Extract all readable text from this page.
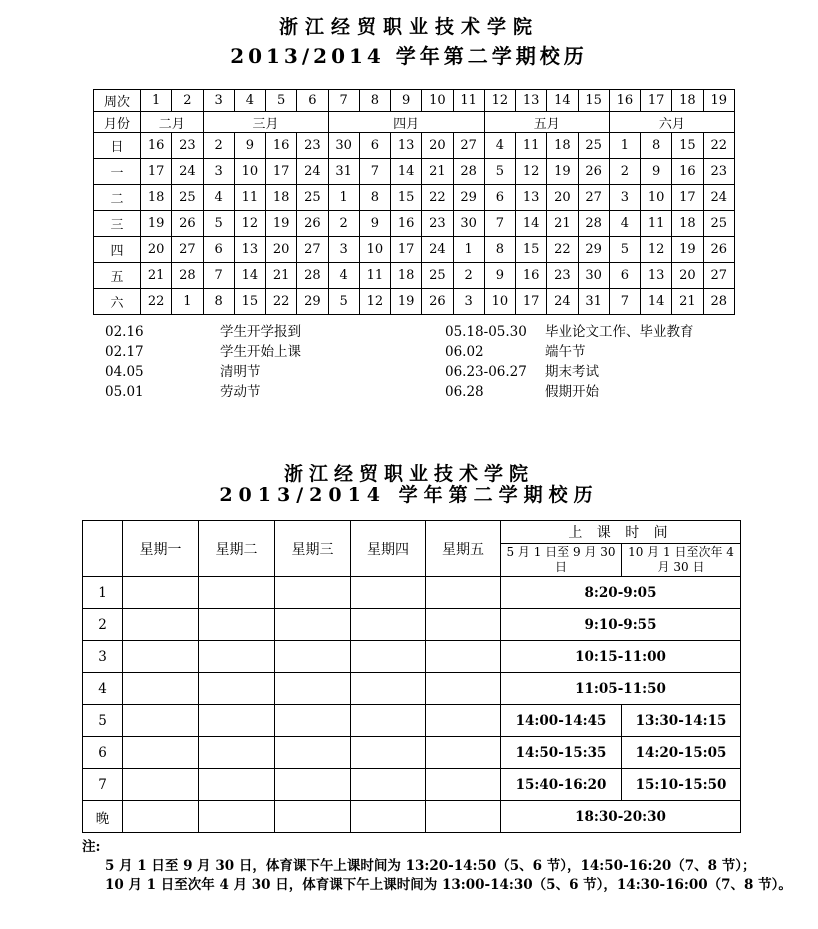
浙江经贸职业技术学院
2013/2014 学年第二学期校历
周次	1	2	3	4	5	6	7	8	9	10	11	12	13	14	15	16	17	18	19
月份	二月		三月				四月					五月				六月			
日	16	23	2	9	16	23	30	6	13	20	27	4	11	18	25	1	8	15	22
一	17	24	3	10	17	24	31	7	14	21	28	5	12	19	26	2	9	16	23
二	18	25	4	11	18	25	1	8	15	22	29	6	13	20	27	3	10	17	24
三	19	26	5	12	19	26	2	9	16	23	30	7	14	21	28	4	11	18	25
四	20	27	6	13	20	27	3	10	17	24	1	8	15	22	29	5	12	19	26
五	21	28	7	14	21	28	4	11	18	25	2	9	16	23	30	6	13	20	27
六	22	1	8	15	22	29	5	12	19	26	3	10	17	24	31	7	14	21	28
02.16	学生开学报到	05.18-05.30	毕业论文工作、毕业教育
02.17	学生开始上课	06.02	端午节
04.05	清明节	06.23-06.27	期末考试
05.01	劳动节	06.28	假期开始
浙江经贸职业技术学院
2013/2014 学年第二学期校历
	星期一	星期二	星期三	星期四	星期五	上 课 时 间	
						5 月 1 日至 9 月 30 日	10 月 1 日至次年 4 月 30 日
1						8:20-9:05	
2						9:10-9:55	
3						10:15-11:00	
4						11:05-11:50	
5						14:00-14:45	13:30-14:15
6						14:50-15:35	14:20-15:05
7						15:40-16:20	15:10-15:50
晚						18:30-20:30	
注:
5 月 1 日至 9 月 30 日，体育课下午上课时间为 13:20-14:50（5、6 节），14:50-16:20（7、8 节）；
10 月 1 日至次年 4 月 30 日，体育课下午上课时间为 13:00-14:30（5、6 节），14:30-16:00（7、8 节）。
